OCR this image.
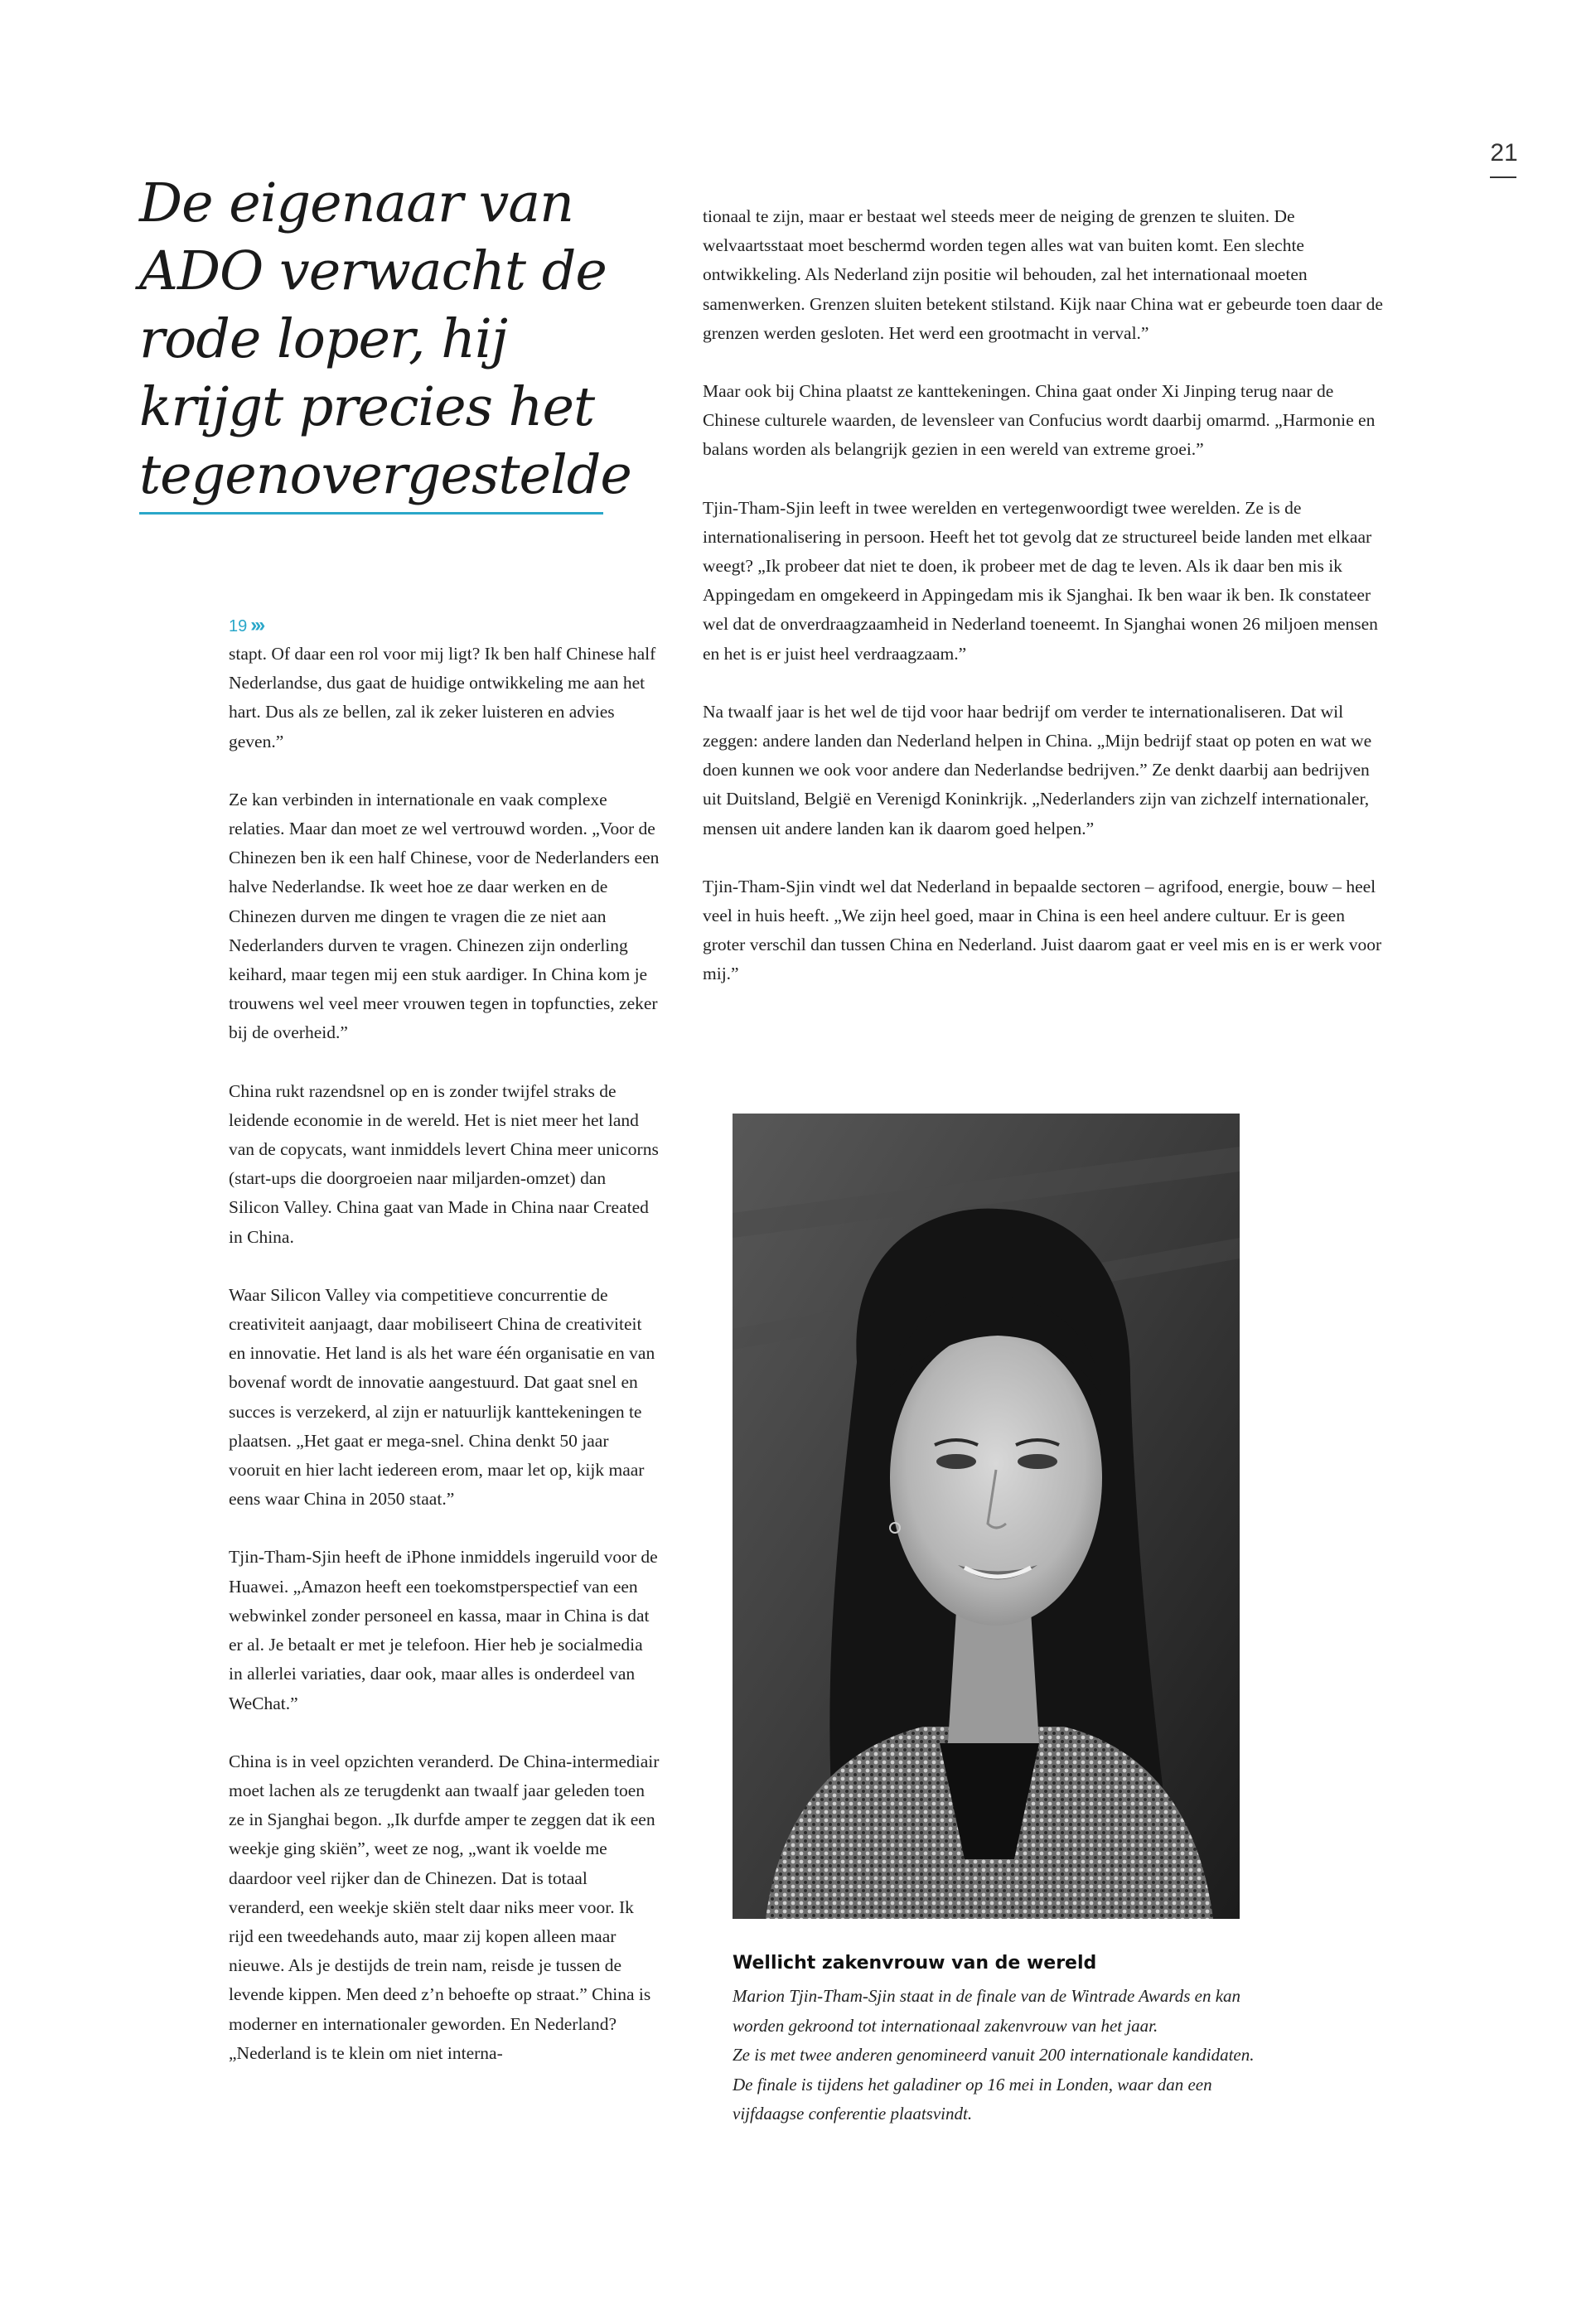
21
De eigenaar van ADO verwacht de rode loper, hij krijgt precies het tegenovergestelde
19 ›››

stapt. Of daar een rol voor mij ligt? Ik ben half Chinese half Nederlandse, dus gaat de huidige ontwikkeling me aan het hart. Dus als ze bellen, zal ik zeker luisteren en advies geven.”

Ze kan verbinden in internationale en vaak complexe relaties. Maar dan moet ze wel vertrouwd worden. „Voor de Chinezen ben ik een half Chinese, voor de Nederlanders een halve Nederlandse. Ik weet hoe ze daar werken en de Chinezen durven me dingen te vragen die ze niet aan Nederlanders durven te vragen. Chinezen zijn onderling keihard, maar tegen mij een stuk aardiger. In China kom je trouwens wel veel meer vrouwen tegen in topfuncties, zeker bij de overheid.”

China rukt razendsnel op en is zonder twijfel straks de leidende economie in de wereld. Het is niet meer het land van de copycats, want inmiddels levert China meer unicorns (start-ups die doorgroeien naar miljarden-omzet) dan Silicon Valley. China gaat van Made in China naar Created in China.

Waar Silicon Valley via competitieve concurrentie de creativiteit aanjaagt, daar mobiliseert China de creativiteit en innovatie. Het land is als het ware één organisatie en van bovenaf wordt de innovatie aangestuurd. Dat gaat snel en succes is verzekerd, al zijn er natuurlijk kanttekeningen te plaatsen. „Het gaat er mega-snel. China denkt 50 jaar vooruit en hier lacht iedereen erom, maar let op, kijk maar eens waar China in 2050 staat.”

Tjin-Tham-Sjin heeft de iPhone inmiddels ingeruild voor de Huawei. „Amazon heeft een toekomstperspectief van een webwinkel zonder personeel en kassa, maar in China is dat er al. Je betaalt er met je telefoon. Hier heb je socialmedia in allerlei variaties, daar ook, maar alles is onderdeel van WeChat.”

China is in veel opzichten veranderd. De China-intermediair moet lachen als ze terugdenkt aan twaalf jaar geleden toen ze in Sjanghai begon. „Ik durfde amper te zeggen dat ik een weekje ging skiën”, weet ze nog, „want ik voelde me daardoor veel rijker dan de Chinezen. Dat is totaal veranderd, een weekje skiën stelt daar niks meer voor. Ik rijd een tweedehands auto, maar zij kopen alleen maar nieuwe. Als je destijds de trein nam, reisde je tussen de levende kippen. Men deed z’n behoefte op straat.” China is moderner en internationaler geworden. En Nederland? „Nederland is te klein om niet interna-

tionaal te zijn, maar er bestaat wel steeds meer de neiging de grenzen te sluiten. De welvaartsstaat moet beschermd worden tegen alles wat van buiten komt. Een slechte ontwikkeling. Als Nederland zijn positie wil behouden, zal het internationaal moeten samenwerken. Grenzen sluiten betekent stilstand. Kijk naar China wat er gebeurde toen daar de grenzen werden gesloten. Het werd een grootmacht in verval.”

Maar ook bij China plaatst ze kanttekeningen. China gaat onder Xi Jinping terug naar de Chinese culturele waarden, de levensleer van Confucius wordt daarbij omarmd. „Harmonie en balans worden als belangrijk gezien in een wereld van extreme groei.”

Tjin-Tham-Sjin leeft in twee werelden en vertegenwoordigt twee werelden. Ze is de internationalisering in persoon. Heeft het tot gevolg dat ze structureel beide landen met elkaar weegt? „Ik probeer dat niet te doen, ik probeer met de dag te leven. Als ik daar ben mis ik Appingedam en omgekeerd in Appingedam mis ik Sjanghai. Ik ben waar ik ben. Ik constateer wel dat de onverdraagzaamheid in Nederland toeneemt. In Sjanghai wonen 26 miljoen mensen en het is er juist heel verdraagzaam.”

Na twaalf jaar is het wel de tijd voor haar bedrijf om verder te internationaliseren. Dat wil zeggen: andere landen dan Nederland helpen in China. „Mijn bedrijf staat op poten en wat we doen kunnen we ook voor andere dan Nederlandse bedrijven.” Ze denkt daarbij aan bedrijven uit Duitsland, België en Verenigd Koninkrijk. „Nederlanders zijn van zichzelf internationaler, mensen uit andere landen kan ik daarom goed helpen.”

Tjin-Tham-Sjin vindt wel dat Nederland in bepaalde sectoren – agrifood, energie, bouw – heel veel in huis heeft. „We zijn heel goed, maar in China is een heel andere cultuur. Er is geen groter verschil dan tussen China en Nederland. Juist daarom gaat er veel mis en is er werk voor mij.”

Wellicht zakenvrouw van de wereld

Marion Tjin-Tham-Sjin staat in de finale van de Wintrade Awards en kan worden gekroond tot internationaal zakenvrouw van het jaar.
Ze is met twee anderen genomineerd vanuit 200 internationale kandidaten. De finale is tijdens het galadiner op 16 mei in Londen, waar dan een vijfdaagse conferentie plaatsvindt.
